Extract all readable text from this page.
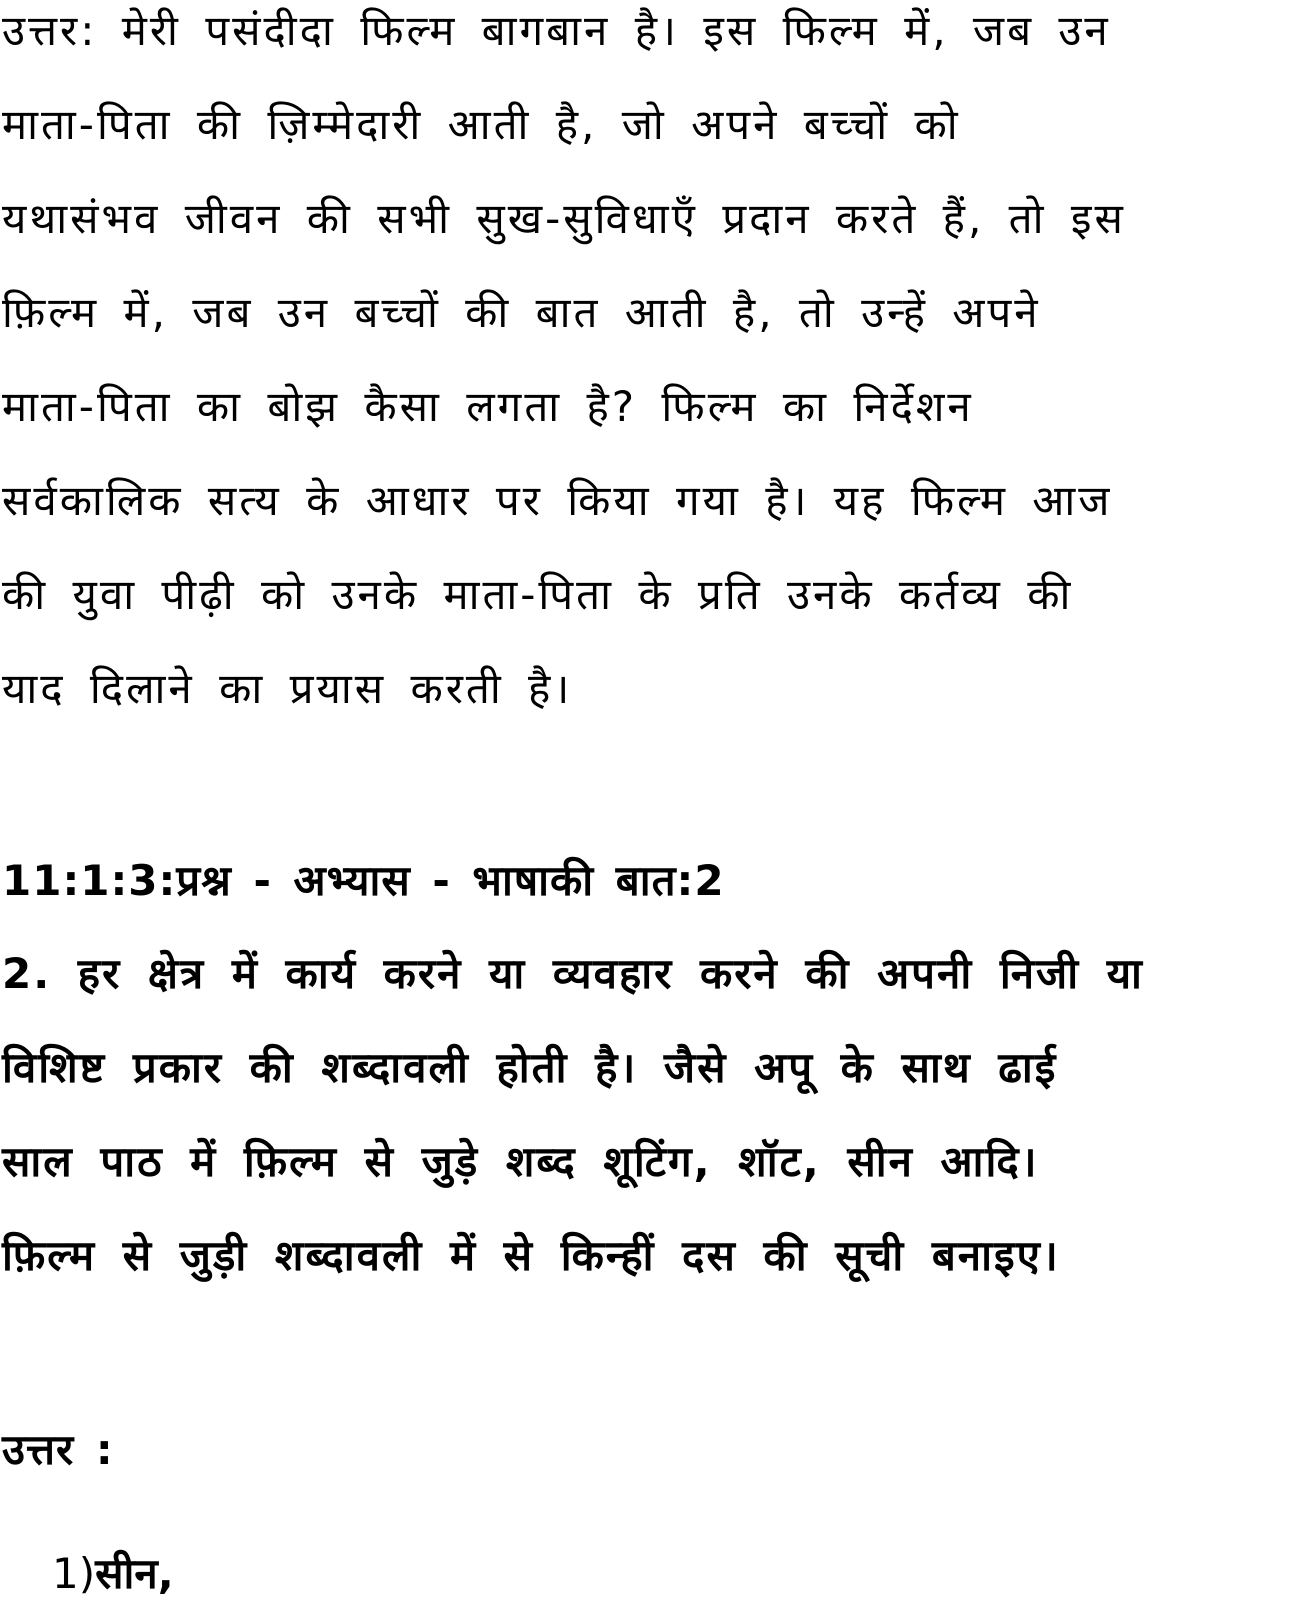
उत्तर: मेरी पसंदीदा फिल्म बागबान है। इस फिल्म में, जब उन
माता-पिता की ज़िम्मेदारी आती है, जो अपने बच्चों को
यथासंभव जीवन की सभी सुख-सुविधाएँ प्रदान करते हैं, तो इस
फ़िल्म में, जब उन बच्चों की बात आती है, तो उन्हें अपने
माता-पिता का बोझ कैसा लगता है? फिल्म का निर्देशन
सर्वकालिक सत्य के आधार पर किया गया है। यह फिल्म आज
की युवा पीढ़ी को उनके माता-पिता के प्रति उनके कर्तव्य की
याद दिलाने का प्रयास करती है।
11:1:3:प्रश्न - अभ्यास - भाषाकी बात:2
2. हर क्षेत्र में कार्य करने या व्यवहार करने की अपनी निजी या
विशिष्ट प्रकार की शब्दावली होती है। जैसे अपू के साथ ढाई
साल पाठ में फ़िल्म से जुड़े शब्द शूटिंग, शॉट, सीन आदि।
फ़िल्म से जुड़ी शब्दावली में से किन्हीं दस की सूची बनाइए।
उत्तर :
1)सीन,
